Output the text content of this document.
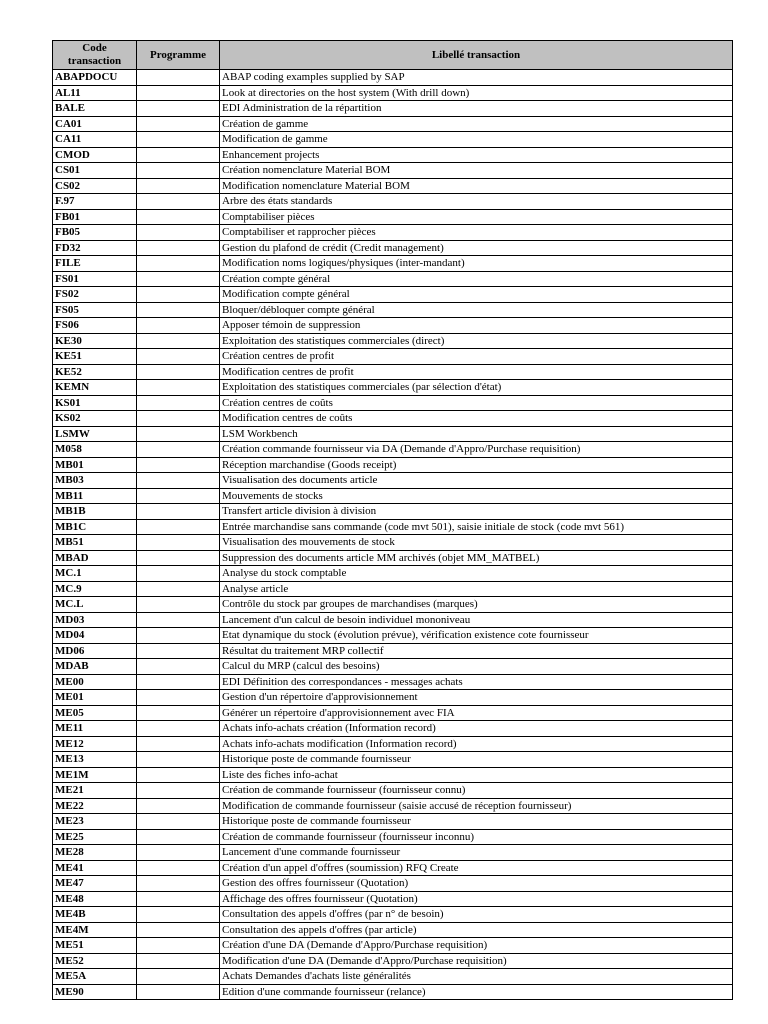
Code transaction	Programme	Libellé transaction
ABAPDOCU		ABAP coding examples supplied by SAP
AL11		Look at directories on the host system (With drill down)
BALE		EDI Administration de la répartition
CA01		Création de gamme
CA11		Modification de gamme
CMOD		Enhancement projects
CS01		Création nomenclature Material BOM
CS02		Modification nomenclature Material BOM
F.97		Arbre des états standards
FB01		Comptabiliser pièces
FB05		Comptabiliser et rapprocher pièces
FD32		Gestion du plafond de crédit (Credit management)
FILE		Modification noms logiques/physiques (inter-mandant)
FS01		Création compte général
FS02		Modification compte général
FS05		Bloquer/débloquer compte général
FS06		Apposer témoin de suppression
KE30		Exploitation des statistiques commerciales (direct)
KE51		Création centres de profit
KE52		Modification centres de profit
KEMN		Exploitation des statistiques commerciales (par sélection d'état)
KS01		Création centres de coûts
KS02		Modification centres de coûts
LSMW		LSM Workbench
M058		Création commande fournisseur via DA (Demande d'Appro/Purchase requisition)
MB01		Réception marchandise (Goods receipt)
MB03		Visualisation des documents article
MB11		Mouvements de stocks
MB1B		Transfert article division à division
MB1C		Entrée marchandise sans commande (code mvt 501), saisie initiale de stock (code mvt 561)
MB51		Visualisation des mouvements de stock
MBAD		Suppression des documents article MM archivés (objet MM_MATBEL)
MC.1		Analyse du stock comptable
MC.9		Analyse article
MC.L		Contrôle du stock par groupes de marchandises (marques)
MD03		Lancement d'un calcul de besoin individuel mononiveau
MD04		Etat dynamique du stock (évolution prévue), vérification existence cote fournisseur
MD06		Résultat du traitement MRP collectif
MDAB		Calcul du MRP (calcul des besoins)
ME00		EDI Définition des correspondances - messages achats
ME01		Gestion d'un répertoire d'approvisionnement
ME05		Générer un répertoire d'approvisionnement avec FIA
ME11		Achats info-achats création (Information record)
ME12		Achats info-achats modification (Information record)
ME13		Historique poste de commande fournisseur
ME1M		Liste des fiches info-achat
ME21		Création de commande fournisseur (fournisseur connu)
ME22		Modification de commande fournisseur (saisie accusé de réception fournisseur)
ME23		Historique poste de commande fournisseur
ME25		Création de commande fournisseur (fournisseur inconnu)
ME28		Lancement d'une commande fournisseur
ME41		Création d'un appel d'offres (soumission) RFQ Create
ME47		Gestion des offres fournisseur (Quotation)
ME48		Affichage des offres fournisseur (Quotation)
ME4B		Consultation des appels d'offres (par n° de besoin)
ME4M		Consultation des appels d'offres (par article)
ME51		Création d'une DA (Demande d'Appro/Purchase requisition)
ME52		Modification d'une DA (Demande d'Appro/Purchase requisition)
ME5A		Achats Demandes d'achats liste généralités
ME90		Edition d'une commande fournisseur (relance)
